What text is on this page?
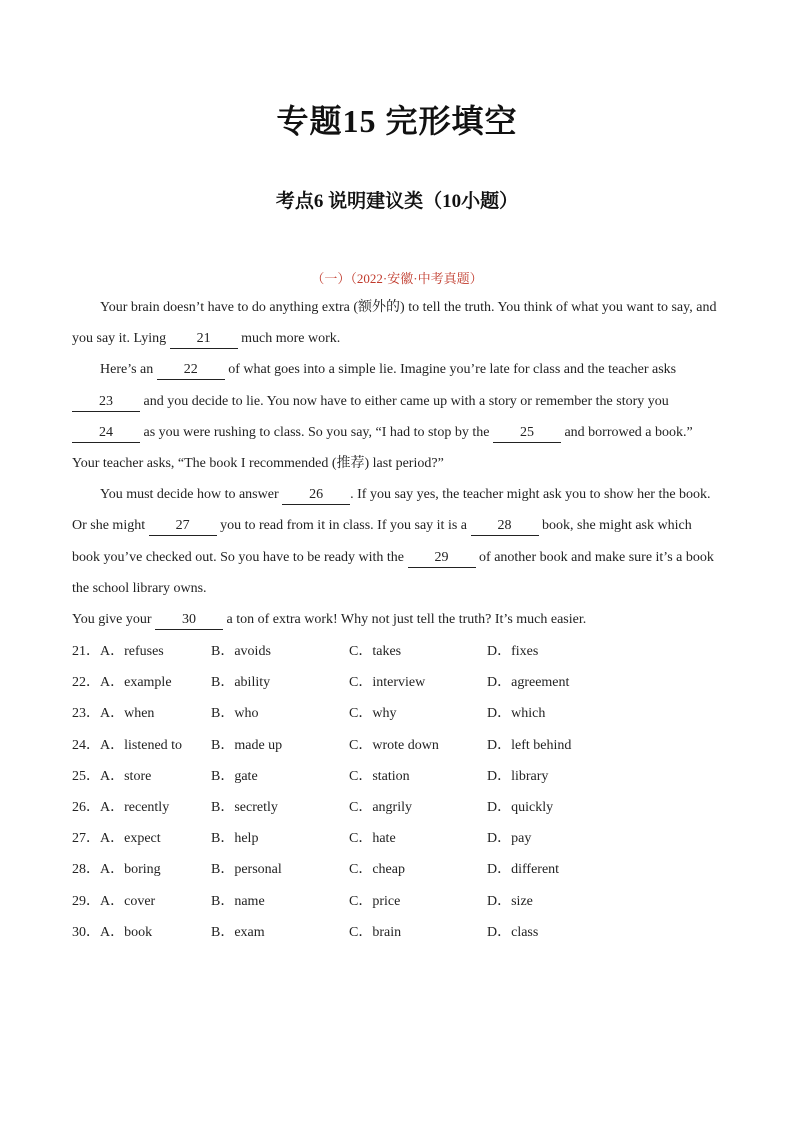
专题15 完形填空
考点6 说明建议类（10小题）
（一）（2022·安徽·中考真题）
Your brain doesn’t have to do anything extra (额外的) to tell the truth. You think of what you want to say, and
you say it. Lying 21 much more work.
Here’s an 22 of what goes into a simple lie. Imagine you’re late for class and the teacher asks
23 and you decide to lie. You now have to either came up with a story or remember the story you
24 as you were rushing to class. So you say, “I had to stop by the 25 and borrowed a book.”
Your teacher asks, “The book I recommended (推荐) last period?”
You must decide how to answer 26 . If you say yes, the teacher might ask you to show her the book.
Or she might 27 you to read from it in class. If you say it is a 28 book, she might ask which
book you’ve checked out. So you have to be ready with the 29 of another book and make sure it’s a book
the school library owns.
You give your 30 a ton of extra work! Why not just tell the truth? It’s much easier.
21． A．refuses	B．avoids	C．takes	D．fixes
22． A．example	B．ability	C．interview	D．agreement
23． A．when	B．who	C．why	D．which
24． A．listened to B．made up	C．wrote down	D．left behind
25． A．store	B．gate	C．station	D．library
26． A．recently	B．secretly	C．angrily	D．quickly
27． A．expect	B．help	C．hate	D．pay
28． A．boring	B．personal	C．cheap	D．different
29． A．cover	B．name	C．price	D．size
30． A．book	B．exam	C．brain	D．class
